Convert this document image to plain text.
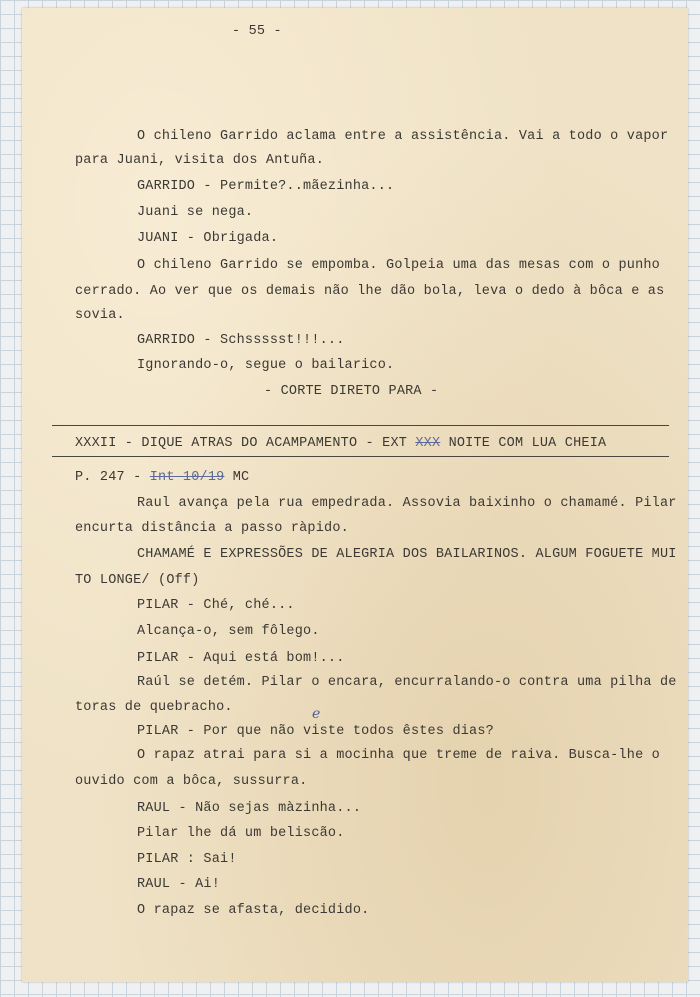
- 55 -
O chileno Garrido aclama entre a assistência. Vai a todo o vapor
para Juani, visita dos Antuña.
GARRIDO - Permite?..mãezinha...
Juani se nega.
JUANI - Obrigada.
O chileno Garrido se empomba. Golpeia uma das mesas com o punho
cerrado. Ao ver que os demais não lhe dão bola, leva o dedo à bôca e as
sovia.
GARRIDO - Schssssst!!!...
Ignorando-o, segue o bailarico.
- CORTE DIRETO PARA -
XXXII - DIQUE ATRAS DO ACAMPAMENTO - EXT XXX NOITE COM LUA CHEIA
P. 247 - Int 10/19 MC
Raul avança pela rua empedrada. Assovia baixinho o chamamé. Pilar
encurta distância a passo ràpido.
CHAMAMÉ E EXPRESSÕES DE ALEGRIA DOS BAILARINOS. ALGUM FOGUETE MUI
TO LONGE/ (Off)
PILAR - Ché, ché...
Alcança-o, sem fôlego.
PILAR - Aqui está bom!...
Raúl se detém. Pilar o encara, encurralando-o contra uma pilha de
toras de quebracho.	e
PILAR - Por que não viste todos êstes dias?
O rapaz atrai para si a mocinha que treme de raiva. Busca-lhe o
ouvido com a bôca, sussurra.
RAUL - Não sejas màzinha...
Pilar lhe dá um beliscão.
PILAR : Sai!
RAUL - Ai!
O rapaz se afasta, decidido.
